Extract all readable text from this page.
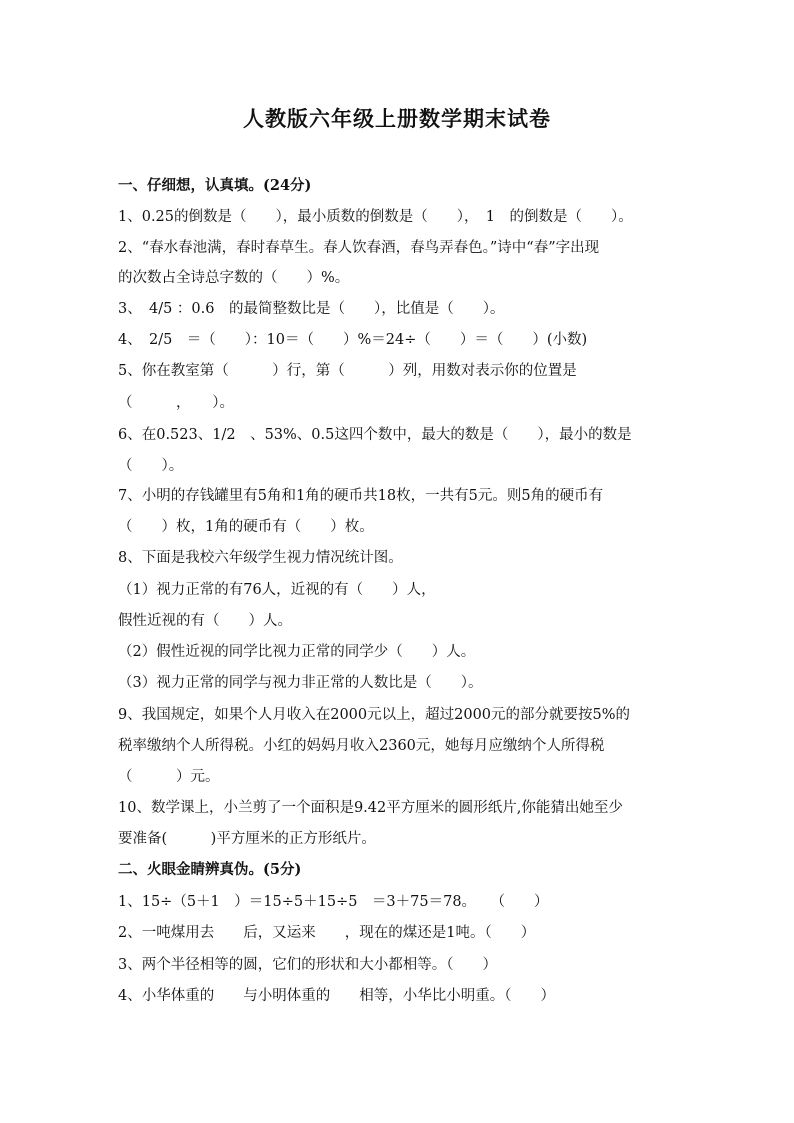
人教版六年级上册数学期末试卷
一、仔细想，认真填。(24分)
1、0.25的倒数是（　　），最小质数的倒数是（　　），　1　的倒数是（　　）。
2、“春水春池满，春时春草生。春人饮春酒，春鸟弄春色。”诗中“春”字出现
的次数占全诗总字数的（　　）%。
3、　4/5 ：0.6　的最简整数比是（　　），比值是（　　）。
4、　2/5　＝（　　）：10＝（　　）%＝24÷（　　）＝（　　）(小数)
5、你在教室第（　　　）行，第（　　　）列，用数对表示你的位置是
（　　　，　　）。
6、在0.523、1/2　、53%、0.5这四个数中，最大的数是（　　），最小的数是
（　　）。
7、小明的存钱罐里有5角和1角的硬币共18枚，一共有5元。则5角的硬币有
（　　）枚，1角的硬币有（　　）枚。
8、下面是我校六年级学生视力情况统计图。
（1）视力正常的有76人，近视的有（　　）人，
假性近视的有（　　）人。
（2）假性近视的同学比视力正常的同学少（　　）人。
（3）视力正常的同学与视力非正常的人数比是（　　）。
9、我国规定，如果个人月收入在2000元以上，超过2000元的部分就要按5%的
税率缴纳个人所得税。小红的妈妈月收入2360元，她每月应缴纳个人所得税
（　　　）元。
10、数学课上，小兰剪了一个面积是9.42平方厘米的圆形纸片,你能猜出她至少
要准备(　　　)平方厘米的正方形纸片。
二、火眼金睛辨真伪。(5分)
1、15÷（5＋1　）＝15÷5＋15÷5　＝3＋75＝78。　　（　　）
2、一吨煤用去　　后，又运来　　，现在的煤还是1吨。（　　）
3、两个半径相等的圆，它们的形状和大小都相等。（　　）
4、小华体重的　　与小明体重的　　相等，小华比小明重。（　　）
